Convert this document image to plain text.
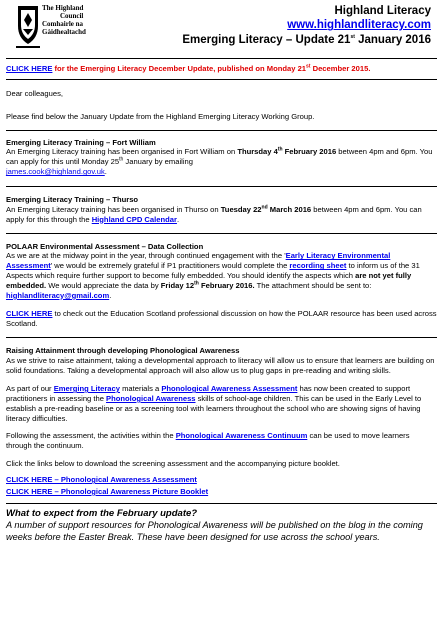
The Highland
Council
Comhairle na
Gàidhealtachd
Highland Literacy
www.highlandliteracy.com
Emerging Literacy – Update 21st January 2016

CLICK HERE for the Emerging Literacy December Update, published on Monday 21st December 2015.

Dear colleagues,

Please find below the January Update from the Highland Emerging Literacy Working Group.

Emerging Literacy Training – Fort William

An Emerging Literacy training has been organised in Fort William on Thursday 4th February 2016 between 4pm and 6pm. You can apply for this until Monday 25th January by emailing
james.cook@highland.gov.uk.

Emerging Literacy Training – Thurso

An Emerging Literacy training has been organised in Thurso on Tuesday 22nd March 2016 between 4pm and 6pm. You can apply for this through the Highland CPD Calendar.

POLAAR Environmental Assessment – Data Collection

As we are at the midway point in the year, through continued engagement with the 'Early Literacy Environmental Assessment' we would be extremely grateful if P1 practitioners would complete the recording sheet to inform us of the 31 Aspects which require further support to become fully embedded. You should identify the aspects which are not yet fully embedded. We would appreciate the data by Friday 12th February 2016. The attachment should be sent to: highlandliteracy@gmail.com.

CLICK HERE to check out the Education Scotland professional discussion on how the POLAAR resource has been used across Scotland.

Raising Attainment through developing Phonological Awareness

As we strive to raise attainment, taking a developmental approach to literacy will allow us to ensure that learners are building on solid foundations. Taking a developmental approach will also allow us to plug gaps in pre-reading and writing skills.

As part of our Emerging Literacy materials a Phonological Awareness Assessment has now been created to support practitioners in assessing the Phonological Awareness skills of school-age children. This can be used in the Early Level to establish a pre-reading baseline or as a screening tool with learners throughout the school who are showing signs of having literacy difficulties.

Following the assessment, the activities within the Phonological Awareness Continuum can be used to move learners through the continuum.

Click the links below to download the screening assessment and the accompanying picture booklet.

CLICK HERE – Phonological Awareness Assessment

CLICK HERE – Phonological Awareness Picture Booklet

What to expect from the February update?

A number of support resources for Phonological Awareness will be published on the blog in the coming weeks before the Easter Break. These have been designed for use across the school years.
